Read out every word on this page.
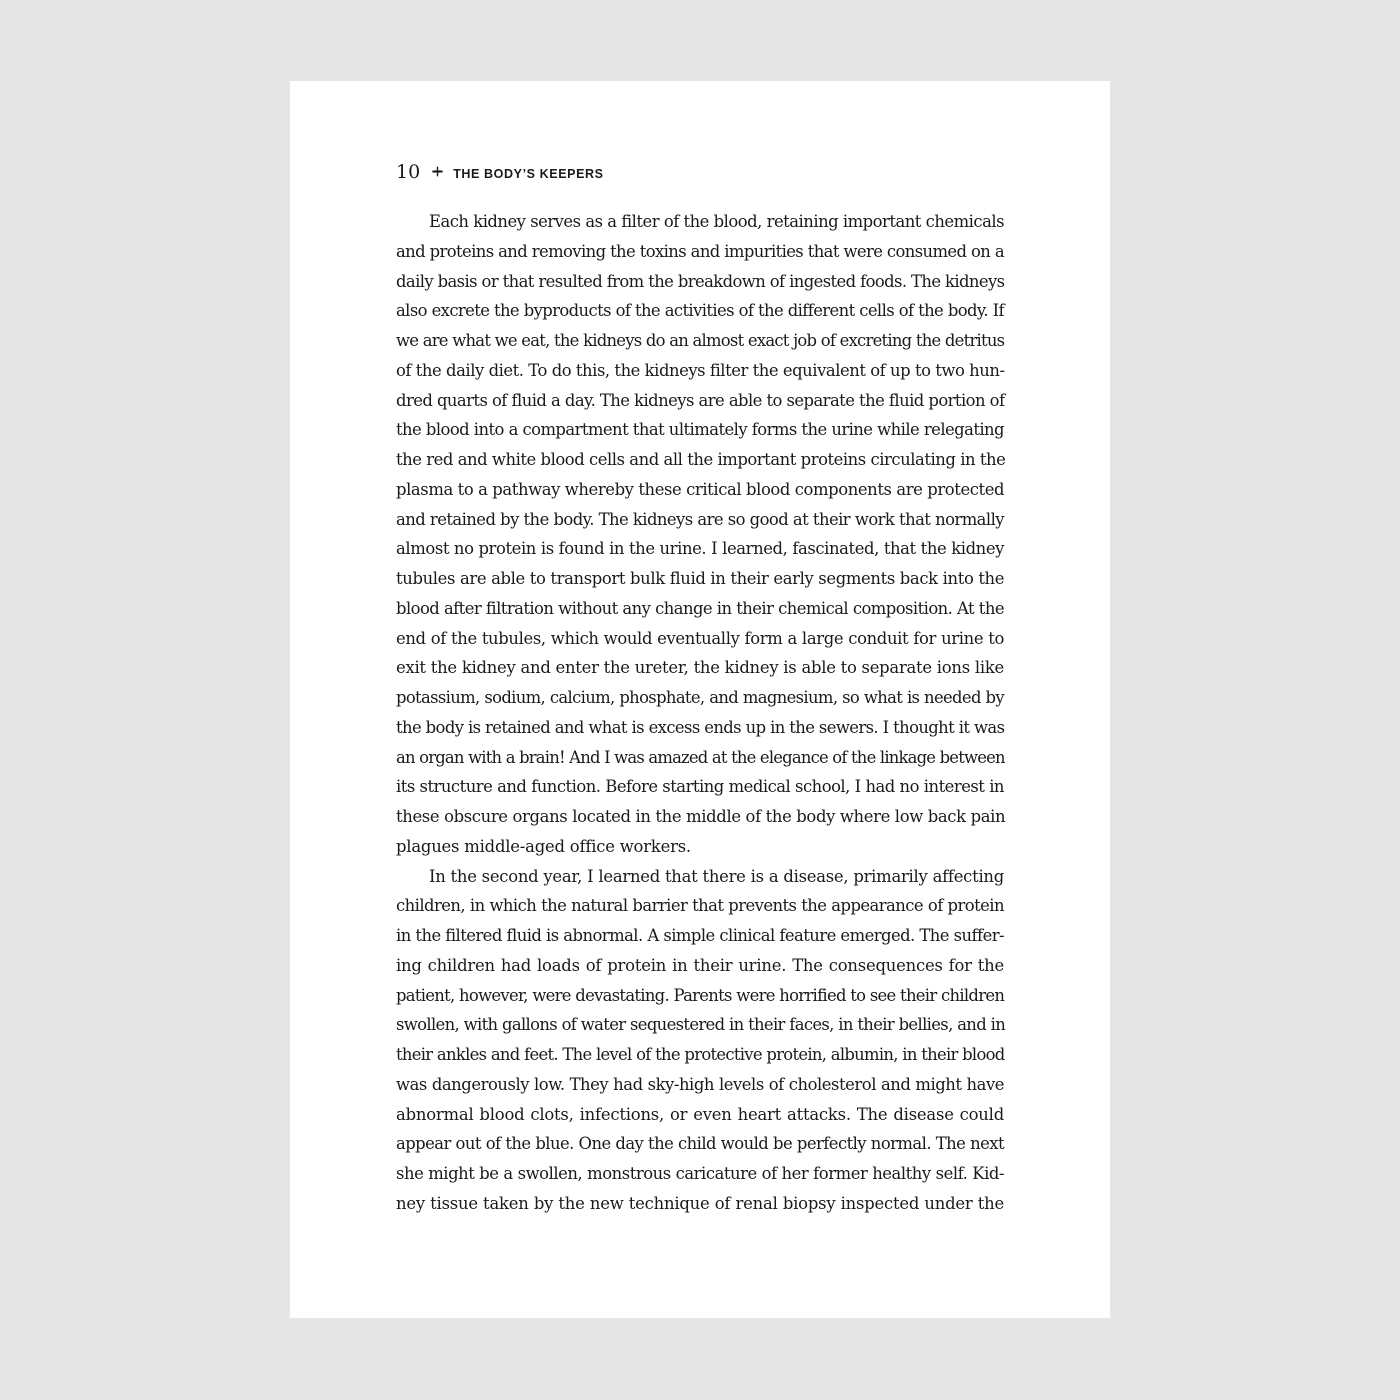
10	THE BODY’S KEEPERS
Each kidney serves as a filter of the blood, retaining important chemicals
and proteins and removing the toxins and impurities that were consumed on a
daily basis or that resulted from the breakdown of ingested foods. The kidneys
also excrete the byproducts of the activities of the different cells of the body. If
we are what we eat, the kidneys do an almost exact job of excreting the detritus
of the daily diet. To do this, the kidneys filter the equivalent of up to two hun-
dred quarts of fluid a day. The kidneys are able to separate the fluid portion of
the blood into a compartment that ultimately forms the urine while relegating
the red and white blood cells and all the important proteins circulating in the
plasma to a pathway whereby these critical blood components are protected
and retained by the body. The kidneys are so good at their work that normally
almost no protein is found in the urine. I learned, fascinated, that the kidney
tubules are able to transport bulk fluid in their early segments back into the
blood after filtration without any change in their chemical composition. At the
end of the tubules, which would eventually form a large conduit for urine to
exit the kidney and enter the ureter, the kidney is able to separate ions like
potassium, sodium, calcium, phosphate, and magnesium, so what is needed by
the body is retained and what is excess ends up in the sewers. I thought it was
an organ with a brain! And I was amazed at the elegance of the linkage between
its structure and function. Before starting medical school, I had no interest in
these obscure organs located in the middle of the body where low back pain
plagues middle-aged office workers.
In the second year, I learned that there is a disease, primarily affecting
children, in which the natural barrier that prevents the appearance of protein
in the filtered fluid is abnormal. A simple clinical feature emerged. The suffer-
ing children had loads of protein in their urine. The consequences for the
patient, however, were devastating. Parents were horrified to see their children
swollen, with gallons of water sequestered in their faces, in their bellies, and in
their ankles and feet. The level of the protective protein, albumin, in their blood
was dangerously low. They had sky-high levels of cholesterol and might have
abnormal blood clots, infections, or even heart attacks. The disease could
appear out of the blue. One day the child would be perfectly normal. The next
she might be a swollen, monstrous caricature of her former healthy self. Kid-
ney tissue taken by the new technique of renal biopsy inspected under the
